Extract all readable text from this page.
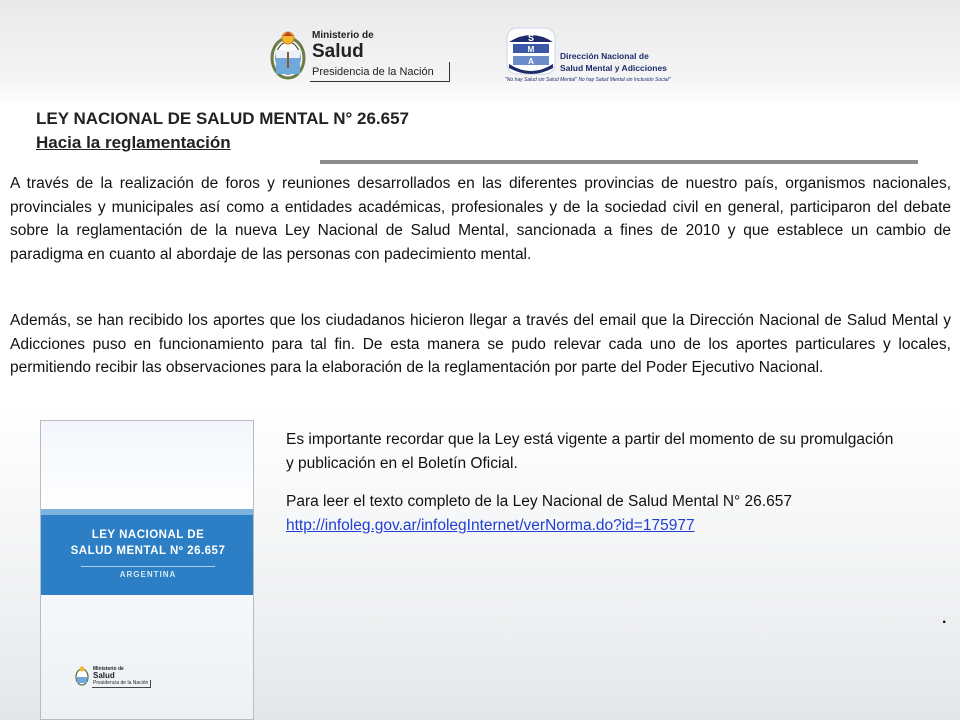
Ministerio de
Salud
Presidencia de la Nación
S
M
A
Dirección Nacional de
Salud Mental y Adicciones
"No hay Salud sin Salud Mental" No hay Salud Mental sin Inclusión Social"
LEY NACIONAL DE SALUD MENTAL N° 26.657
Hacia la reglamentación

A través de la realización de foros y reuniones desarrollados en las diferentes provincias de nuestro país, organismos nacionales, provinciales y municipales así como a entidades académicas, profesionales y de la sociedad civil en general, participaron del debate sobre la reglamentación de la nueva Ley Nacional de Salud Mental, sancionada a fines de 2010 y que establece un cambio de paradigma en cuanto al abordaje de las personas con padecimiento mental.

Además, se han recibido los aportes que los ciudadanos hicieron llegar a través del email que la Dirección Nacional de Salud Mental y Adicciones puso en funcionamiento para tal fin. De esta manera se pudo relevar cada uno de los aportes particulares y locales, permitiendo recibir las observaciones para la elaboración de la reglamentación por parte del Poder Ejecutivo Nacional.

LEY NACIONAL DE
SALUD MENTAL Nº 26.657
ARGENTINA
Ministerio de
Salud
Presidencia de la Nación

Es importante recordar que la Ley está vigente a partir del momento de su promulgación y publicación en el Boletín Oficial.

Para leer el texto completo de la Ley Nacional de Salud Mental N° 26.657
http://infoleg.gov.ar/infolegInternet/verNorma.do?id=175977
.
